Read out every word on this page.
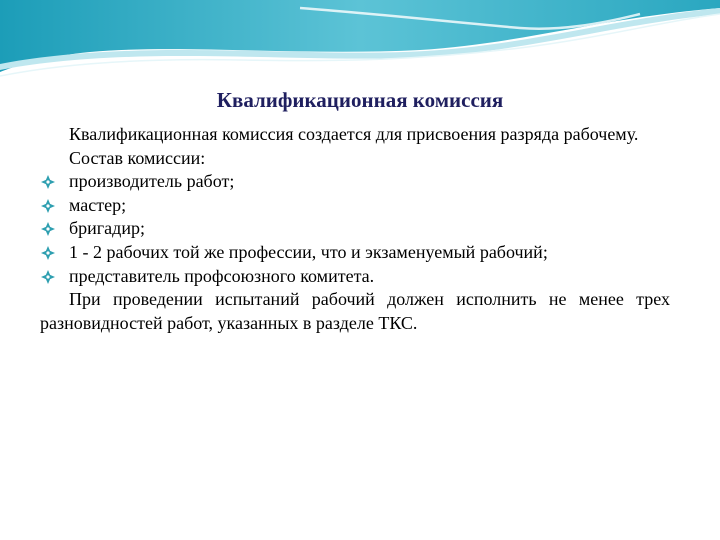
Квалификационная комиссия

Квалификационная комиссия создается для присвоения разряда рабочему.

Состав комиссии:

производитель работ;
мастер;
бригадир;
1 - 2 рабочих той же профессии, что и экзаменуемый рабочий;
представитель профсоюзного комитета.

При проведении испытаний рабочий должен исполнить не менее трех разновидностей работ, указанных в разделе ТКС.
